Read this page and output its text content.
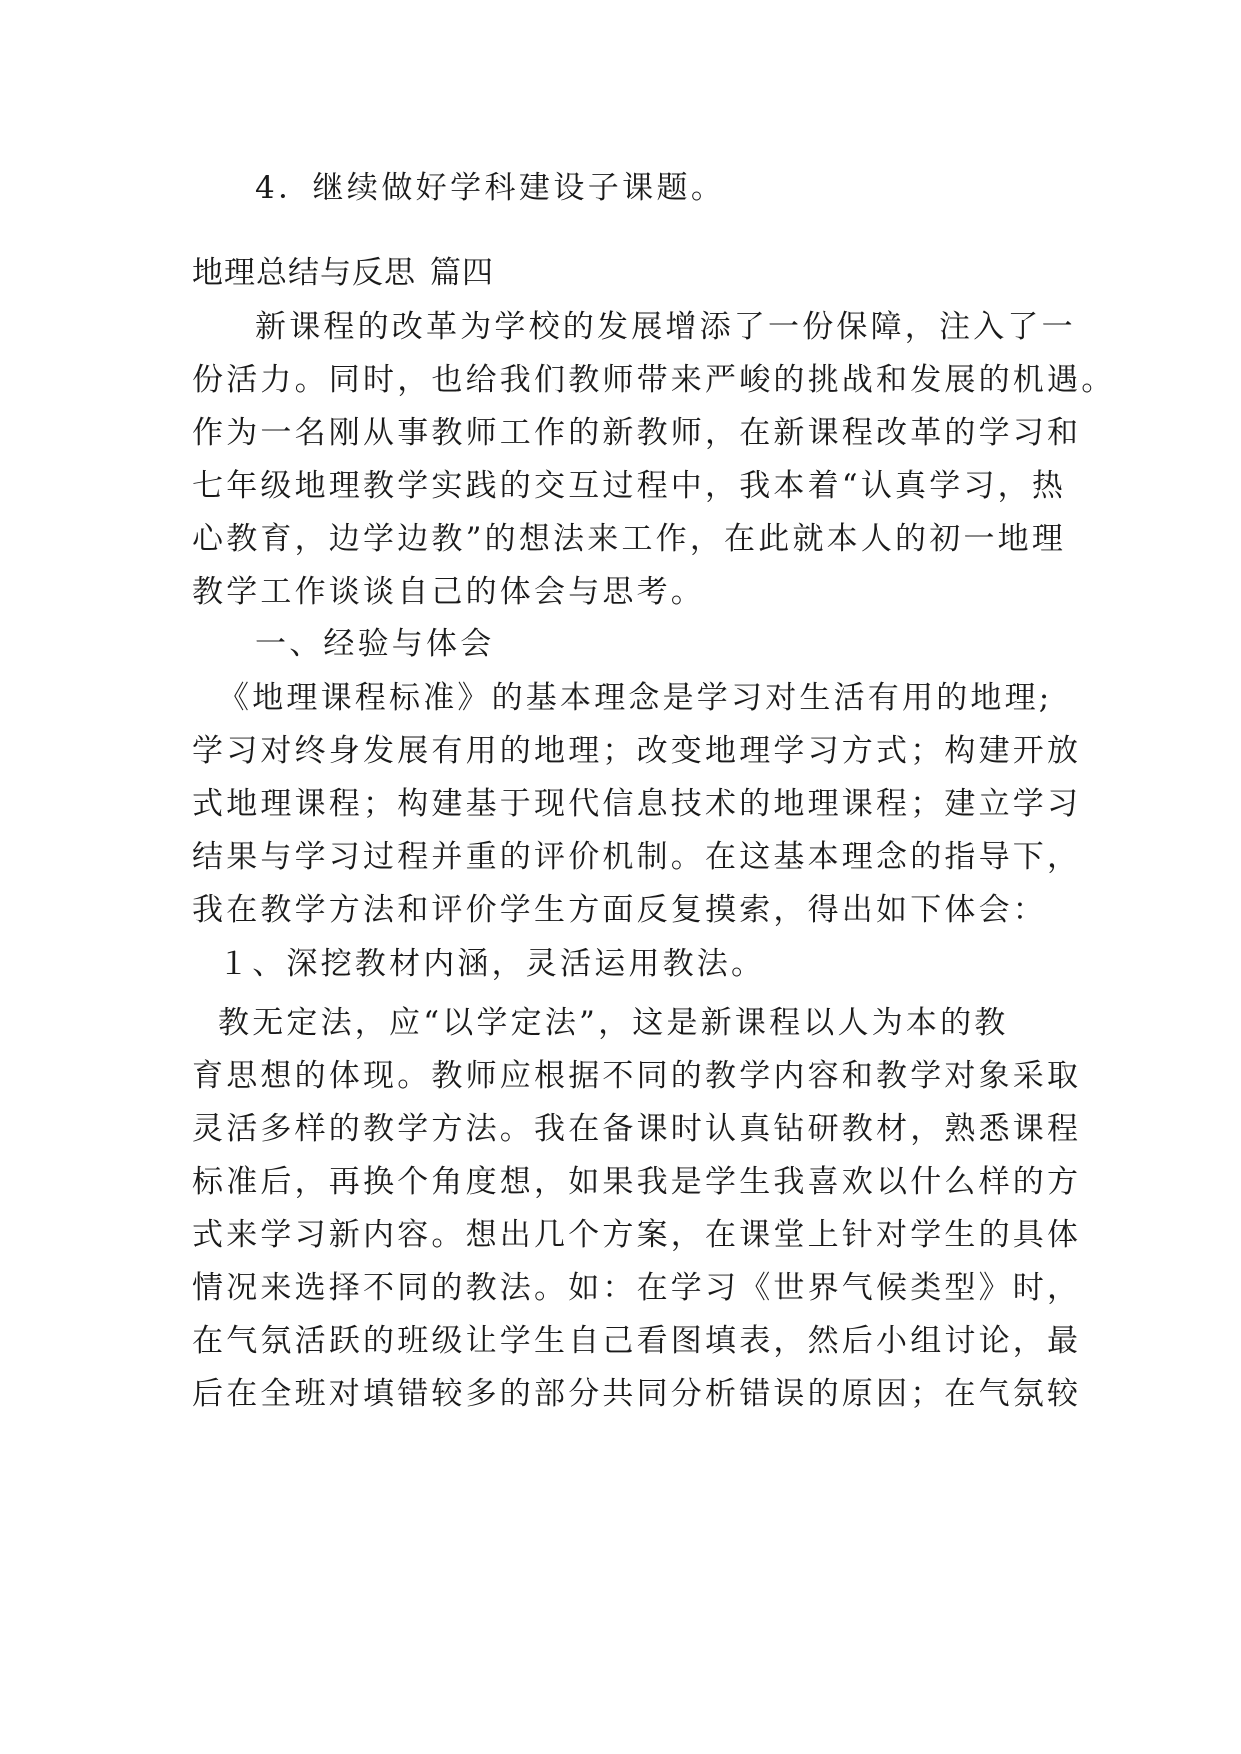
4．继续做好学科建设子课题。
地理总结与反思 篇四
新课程的改革为学校的发展增添了一份保障，注入了一
份活力。同时，也给我们教师带来严峻的挑战和发展的机遇。
作为一名刚从事教师工作的新教师，在新课程改革的学习和
七年级地理教学实践的交互过程中，我本着“认真学习，热
心教育，边学边教”的想法来工作，在此就本人的初一地理
教学工作谈谈自己的体会与思考。
一、经验与体会
《地理课程标准》的基本理念是学习对生活有用的地理;
学习对终身发展有用的地理；改变地理学习方式；构建开放
式地理课程；构建基于现代信息技术的地理课程；建立学习
结果与学习过程并重的评价机制。在这基本理念的指导下，
我在教学方法和评价学生方面反复摸索，得出如下体会：
１、深挖教材内涵，灵活运用教法。
教无定法，应“以学定法”，这是新课程以人为本的教
育思想的体现。教师应根据不同的教学内容和教学对象采取
灵活多样的教学方法。我在备课时认真钻研教材，熟悉课程
标准后，再换个角度想，如果我是学生我喜欢以什么样的方
式来学习新内容。想出几个方案，在课堂上针对学生的具体
情况来选择不同的教法。如：在学习《世界气候类型》时，
在气氛活跃的班级让学生自己看图填表，然后小组讨论，最
后在全班对填错较多的部分共同分析错误的原因；在气氛较
